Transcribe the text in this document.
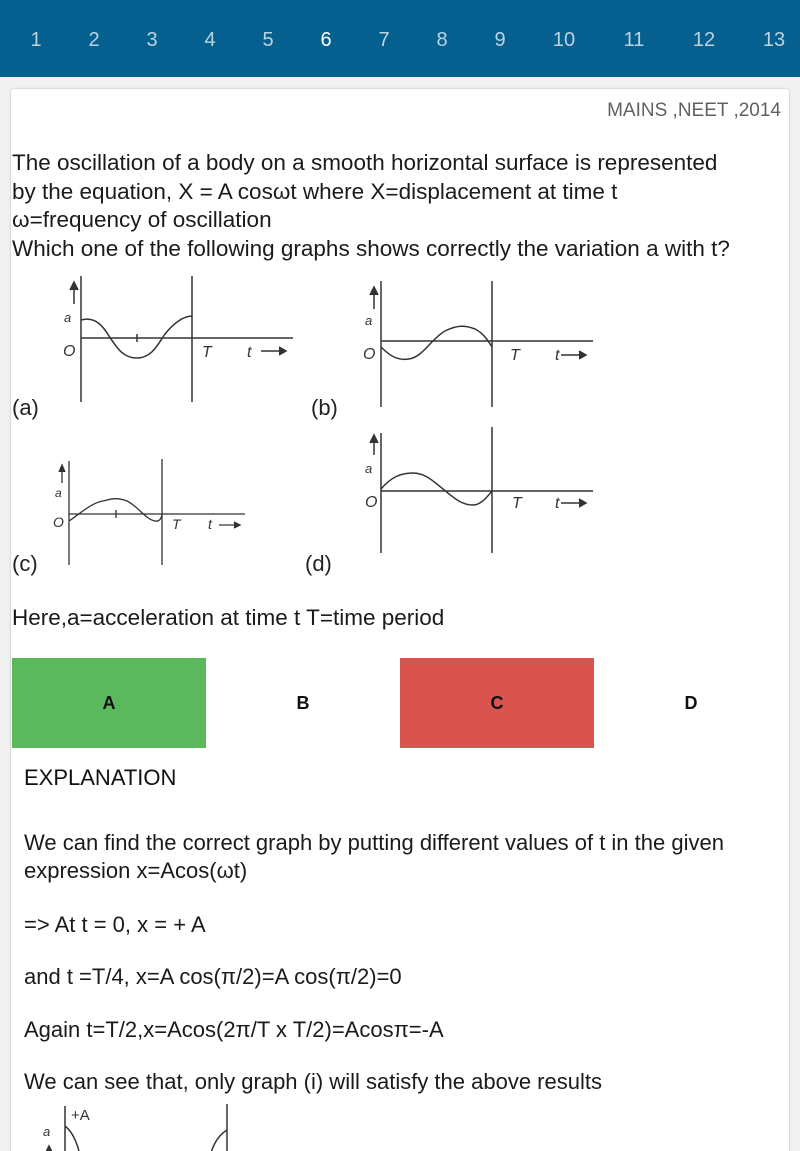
1 2 3 4 5 6 7 8 9 10 11 12 13
MAINS ,NEET ,2014

The oscillation of a body on a smooth horizontal surface is represented

by the equation, X = A cosωt where X=displacement at time t

ω=frequency of oscillation

Which one of the following graphs shows correctly the variation a with t?

a
O	T t
(a)
a
O	T t
(b)
a
O	T t
(c)
a
O	T t
(d)
Here,a=acceleration at time t T=time period
A	B	C	D
EXPLANATION
We can find the correct graph by putting different values of t in the given expression x=Acos(ωt)
=> At t = 0, x = + A
and t =T/4, x=A cos(π/2)=A cos(π/2)=0
Again t=T/2,x=Acos(2π/T x T/2)=Acosπ=-A
We can see that, only graph (i) will satisfy the above results
a
+A
